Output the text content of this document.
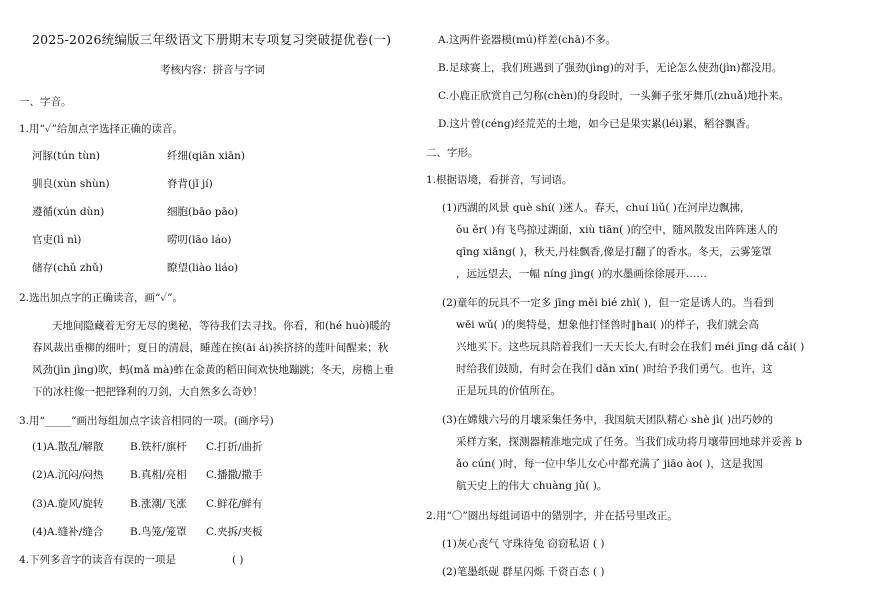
2025-2026统编版三年级语文下册期末专项复习突破提优卷(一)
考核内容：拼音与字词
一、字音。
1.用“✓”给加点字选择正确的读音。
河豚(tún tùn)	纤细(qiān xiān)
驯良(xùn shùn)	脊背(jǐ jí)
遵循(xún dùn)	细胞(bāo pāo)
官吏(lì nì)	唠叨(lāo láo)
储存(chǔ zhǔ)	瞭望(liào liáo)
2.选出加点字的正确读音，画“✓”。
天地间隐藏着无穷无尽的奥秘，等待我们去寻找。你看，和(hé huò)暖的
春风裁出垂柳的细叶；夏日的清晨，睡莲在挨(āi ái)挨挤挤的莲叶间醒来；秋
风劲(jìn jìng)吹，蚂(mǎ mà)蚱在金黄的稻田间欢快地蹦跳；冬天，房檐上垂
下的冰柱像一把把锋利的刀剑，大自然多么奇妙！
3.用“_____”画出每组加点字读音相同的一项。(画序号)
(1)A.散乱/解散	B.铁杆/旗杆 C.打折/曲折
(2)A.沉闷/闷热	B.真相/亮相 C.播撒/撒手
(3)A.旋风/旋转	B.涨潮/飞涨 C.鲜花/鲜有
(4)A.缝补/缝合	B.鸟笼/笼罩 C.夹拆/夹板
4.下列多音字的读音有误的一项是	( )
A.这两件瓷器模(mú)样差(chā)不多。
B.足球赛上，我们班遇到了强劲(jìng)的对手，无论怎么使劲(jìn)都没用。
C.小鹿正欣赏自己匀称(chèn)的身段时，一头狮子张牙舞爪(zhuǎ)地扑来。
D.这片曾(céng)经荒芜的土地，如今已是果实累(léi)累，稻谷飘香。
二、字形。
1.根据语境，看拼音，写词语。
(1)西湖的风景 què shí( )迷人。春天，chuí liǔ( )在河岸边飘拂，
ǒu ěr( )有飞鸟掠过湖面，xiù tiān( )的空中，随风散发出阵阵迷人的
qīng xiāng( )，秋天,丹桂飘香,像是打翻了的香水。冬天，云雾笼罩
，远远望去，一幅 níng jìng( )的水墨画徐徐展开……
(2)童年的玩具不一定多 jīng měi bié zhì( )，但一定是诱人的。当看到
wēi wǔ( )的奥特曼，想象他打怪兽时‖hai( )的样子，我们就会高
兴地买下。这些玩具陪着我们一天天长大,有时会在我们 méi jīng dǎ cǎi( )
时给我们鼓励，有时会在我们 dǎn xīn( )时给予我们勇气。也许，这
正是玩具的价值所在。
(3)在嫦娥六号的月壤采集任务中，我国航天团队精心 shè jì( )出巧妙的
采样方案，探测器精准地完成了任务。当我们成功将月壤带回地球并妥善 b
ǎo cún( )时，每一位中华儿女心中都充满了 jiāo ào( )，这是我国
航天史上的伟大 chuàng jǔ( )。
2.用“〇”圈出每组词语中的错别字，并在括号里改正。
(1)灰心丧气 守珠待兔 窃窃私语 ( )
(2)笔墨纸砚 群星闪烁 千资百态 ( )
